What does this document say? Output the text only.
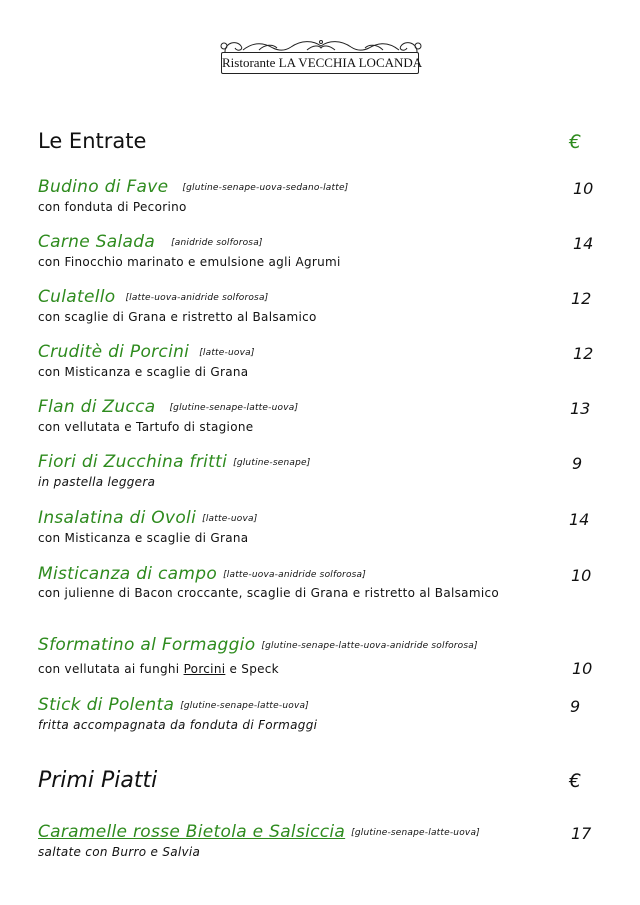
Ristorante LA VECCHIA LOCANDA
Le Entrate	€
Budino di Fave [glutine-senape-uova-sedano-latte]	10
con fonduta di Pecorino
Carne Salada [anidride solforosa]	14
con Finocchio marinato e emulsione agli Agrumi
Culatello [latte-uova-anidride solforosa]	12
con scaglie di Grana e ristretto al Balsamico
Cruditè di Porcini [latte-uova]	12
con Misticanza e scaglie di Grana
Flan di Zucca [glutine-senape-latte-uova]	13
con vellutata e Tartufo di stagione
Fiori di Zucchina fritti [glutine-senape]	9
in pastella leggera
Insalatina di Ovoli [latte-uova]	14
con Misticanza e scaglie di Grana
Misticanza di campo [latte-uova-anidride solforosa]	10
con julienne di Bacon croccante, scaglie di Grana e ristretto al Balsamico
Sformatino al Formaggio [glutine-senape-latte-uova-anidride solforosa]
con vellutata ai funghi Porcini e Speck	10
Stick di Polenta [glutine-senape-latte-uova]	9
fritta accompagnata da fonduta di Formaggi
Primi Piatti	€
Caramelle rosse Bietola e Salsiccia [glutine-senape-latte-uova]	17
saltate con Burro e Salvia
